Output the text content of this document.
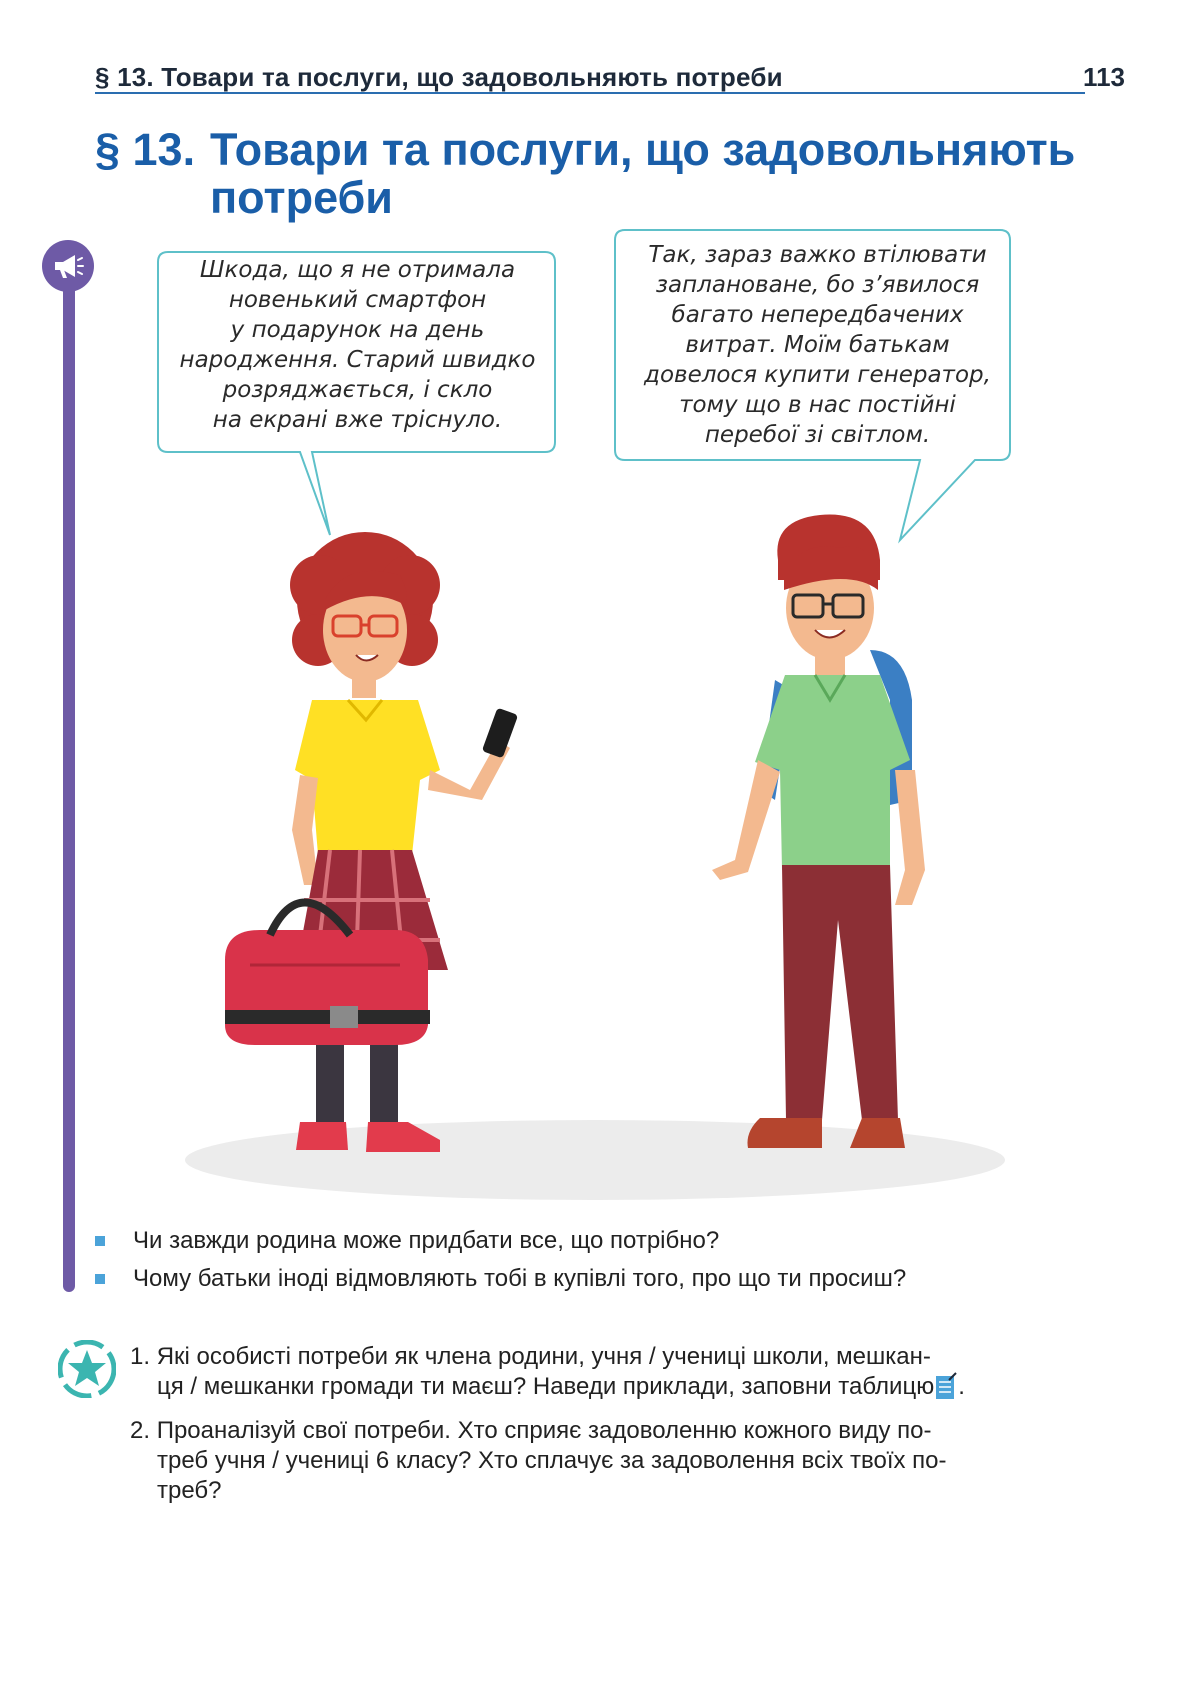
§ 13. Товари та послуги, що задовольняють потреби	113
§ 13. Товари та послуги, що задовольняють
потреби
Шкода, що я не отримала
новенький смартфон
у подарунок на день
народження. Старий швидко
розряджається, і скло
на екрані вже тріснуло.
Так, зараз важко втілювати
заплановане, бо з’явилося
багато непередбачених
витрат. Моїм батькам
довелося купити генератор,
тому що в нас постійні
перебої зі світлом.
Чи завжди родина може придбати все, що потрібно?
Чому батьки іноді відмовляють тобі в купівлі того, про що ти просиш?
1. Які особисті потреби як члена родини, учня / учениці школи, мешкан-
ця / мешканки громади ти маєш? Наведи приклади, заповни таблицю .
2. Проаналізуй свої потреби. Хто сприяє задоволенню кожного виду по-
треб учня / учениці 6 класу? Хто сплачує за задоволення всіх твоїх по-
треб?
